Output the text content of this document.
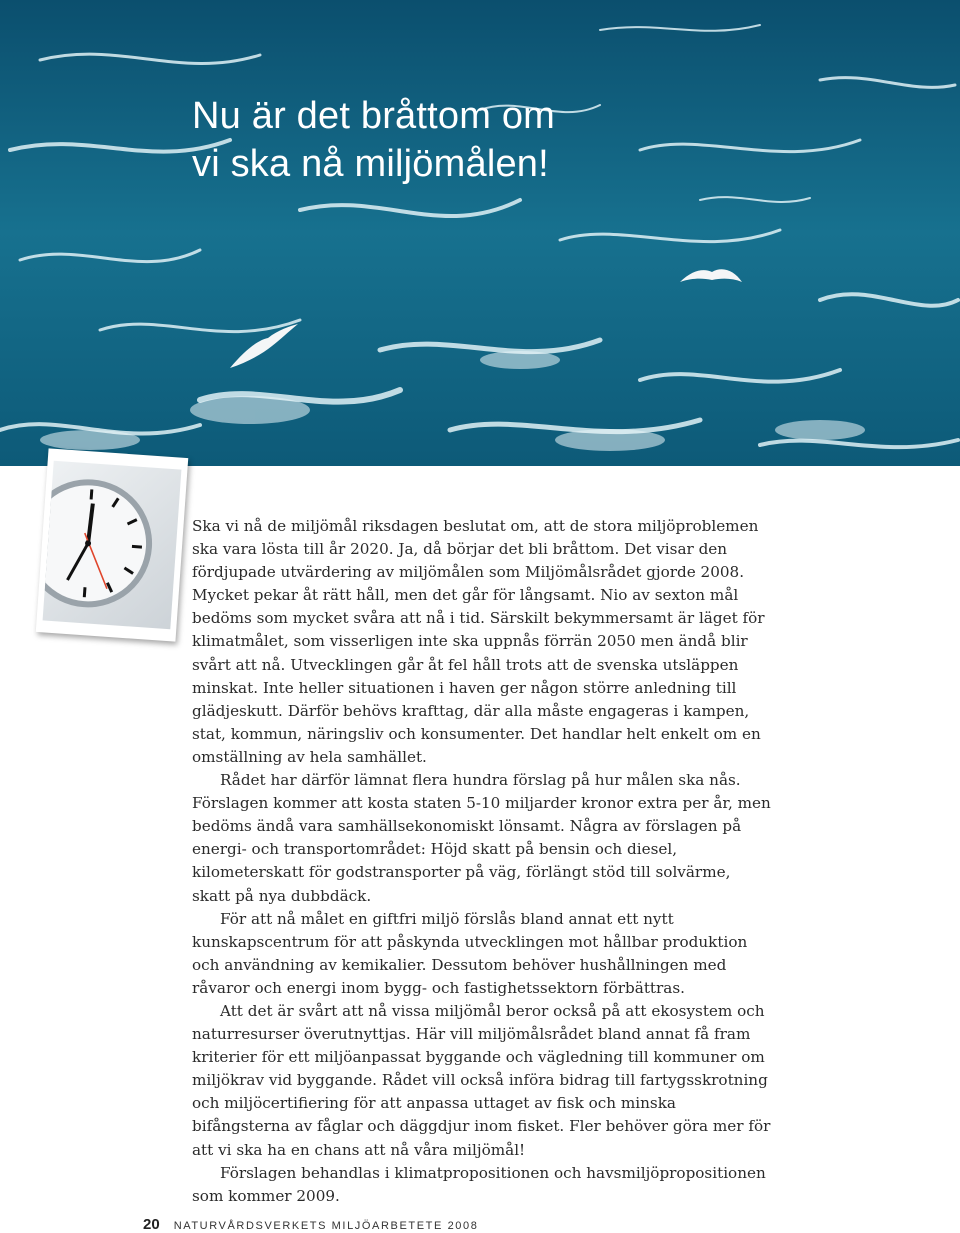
Nu är det bråttom om
vi ska nå miljömålen!

Ska vi nå de miljömål riksdagen beslutat om, att de stora miljöproblemen ska vara lösta till år 2020. Ja, då börjar det bli bråttom. Det visar den fördjupade utvärdering av miljömålen som Miljömålsrådet gjorde 2008. Mycket pekar åt rätt håll, men det går för långsamt. Nio av sexton mål bedöms som mycket svåra att nå i tid. Särskilt bekymmersamt är läget för klimatmålet, som visserligen inte ska uppnås förrän 2050 men ändå blir svårt att nå. Utvecklingen går åt fel håll trots att de svenska utsläppen minskat. Inte heller situationen i haven ger någon större anledning till glädjeskutt. Därför behövs krafttag, där alla måste engageras i kampen, stat, kommun, näringsliv och konsumenter. Det handlar helt enkelt om en omställning av hela samhället.

Rådet har därför lämnat flera hundra förslag på hur målen ska nås. Förslagen kommer att kosta staten 5-10 miljarder kronor extra per år, men bedöms ändå vara samhällsekonomiskt lönsamt. Några av förslagen på energi- och transportområdet: Höjd skatt på bensin och diesel, kilometerskatt för godstransporter på väg, förlängt stöd till solvärme, skatt på nya dubbdäck.

För att nå målet en giftfri miljö förslås bland annat ett nytt kunskapscentrum för att påskynda utvecklingen mot hållbar produktion och användning av kemikalier. Dessutom behöver hushållningen med råvaror och energi inom bygg- och fastighetssektorn förbättras.

Att det är svårt att nå vissa miljömål beror också på att ekosystem och naturresurser överutnyttjas. Här vill miljömålsrådet bland annat få fram kriterier för ett miljöanpassat byggande och vägledning till kommuner om miljökrav vid byggande. Rådet vill också införa bidrag till fartygsskrotning och miljöcertifiering för att anpassa uttaget av fisk och minska bifångsterna av fåglar och däggdjur inom fisket. Fler behöver göra mer för att vi ska ha en chans att nå våra miljömål!

Förslagen behandlas i klimatpropositionen och havsmiljöpropositionen som kommer 2009.

20 NATURVÅRDSVERKETS MILJÖARBETETE 2008
